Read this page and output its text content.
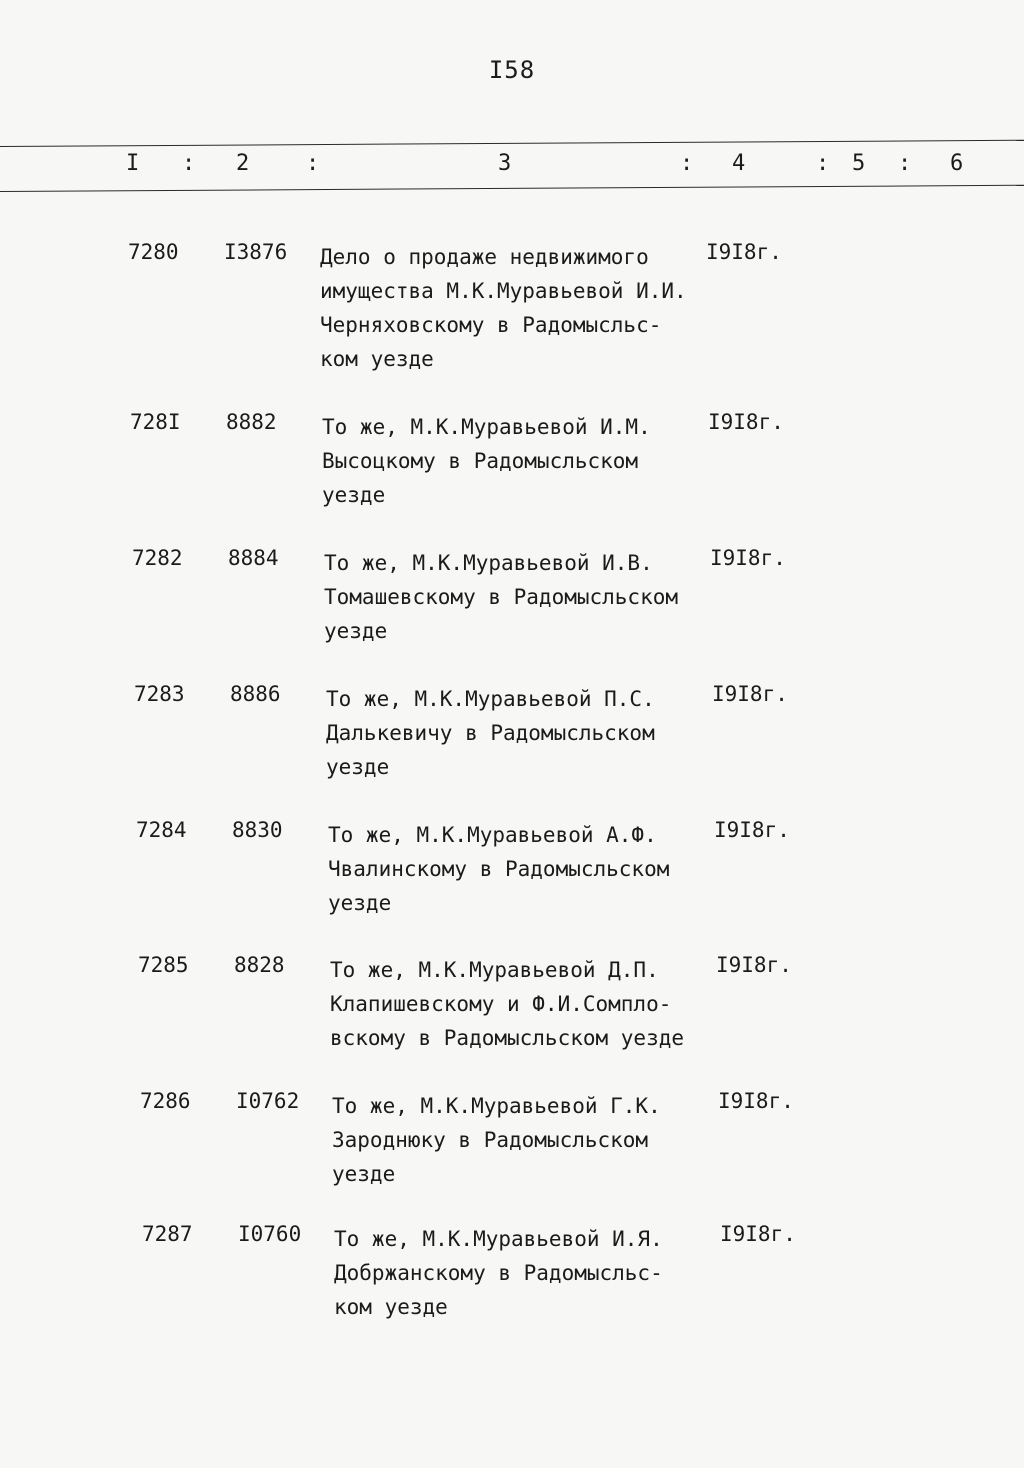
I58
I : 2	:	3	: 4	: 5 : 6
7280 I3876 Дело о продаже недвижимого
имущества М.К.Муравьевой И.И.
Черняховскому в Радомысльс-
ком уезде
I9I8г.
728I 8882 То же, М.К.Муравьевой И.М.
Высоцкому в Радомысльском
уезде
I9I8г.
7282 8884 То же, М.К.Муравьевой И.В.
Томашевскому в Радомысльском
уезде
I9I8г.
7283 8886 То же, М.К.Муравьевой П.С.
Далькевичу в Радомысльском
уезде
I9I8г.
7284 8830 То же, М.К.Муравьевой А.Ф.
Чвалинскому в Радомысльском
уезде
I9I8г.
7285 8828 То же, М.К.Муравьевой Д.П.
Клапишевскому и Ф.И.Сомплo-
вскому в Радомысльском уезде
I9I8г.
7286 I0762 То же, М.К.Муравьевой Г.К.
Зароднюку в Радомысльском
уезде
I9I8г.
7287 I0760 То же, М.К.Муравьевой И.Я.
Добржанскому в Радомысльс-
ком уезде
I9I8г.
